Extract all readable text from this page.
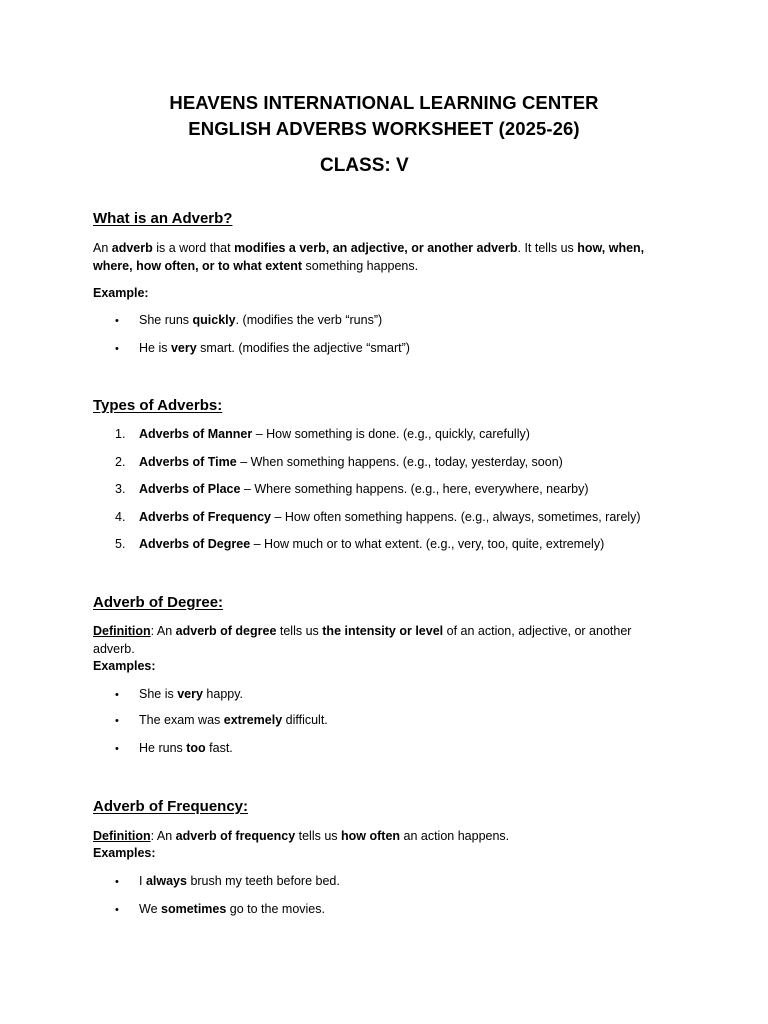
HEAVENS INTERNATIONAL LEARNING CENTER
ENGLISH ADVERBS WORKSHEET (2025-26)
CLASS: V
What is an Adverb?
An adverb is a word that modifies a verb, an adjective, or another adverb. It tells us how, when, where, how often, or to what extent something happens.
Example:
• She runs quickly. (modifies the verb “runs”)
• He is very smart. (modifies the adjective “smart”)
Types of Adverbs:
1. Adverbs of Manner – How something is done. (e.g., quickly, carefully)
2. Adverbs of Time – When something happens. (e.g., today, yesterday, soon)
3. Adverbs of Place – Where something happens. (e.g., here, everywhere, nearby)
4. Adverbs of Frequency – How often something happens. (e.g., always, sometimes, rarely)
5. Adverbs of Degree – How much or to what extent. (e.g., very, too, quite, extremely)
Adverb of Degree:
Definition: An adverb of degree tells us the intensity or level of an action, adjective, or another adverb.
Examples:
• She is very happy.
• The exam was extremely difficult.
• He runs too fast.
Adverb of Frequency:
Definition: An adverb of frequency tells us how often an action happens.
Examples:
• I always brush my teeth before bed.
• We sometimes go to the movies.
